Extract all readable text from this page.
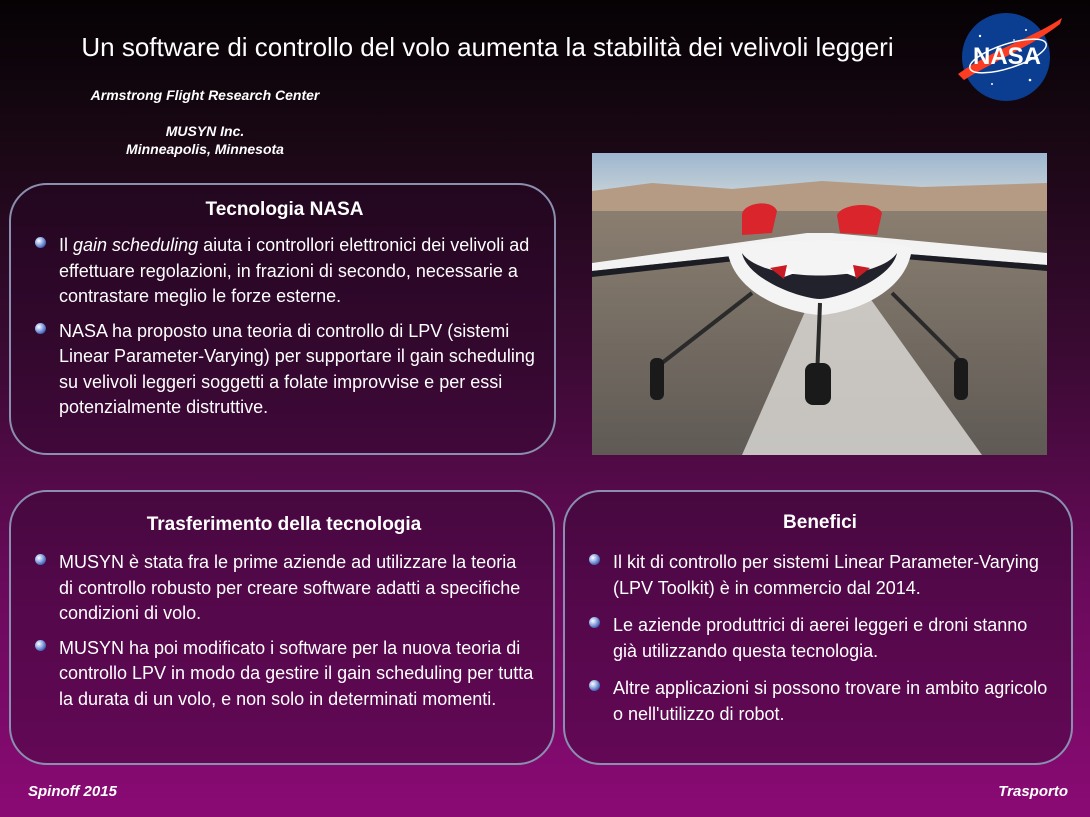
Un software di controllo del volo aumenta la stabilità dei velivoli leggeri
Armstrong Flight Research Center
MUSYN Inc.
Minneapolis, Minnesota
NASA
Tecnologia NASA
Il gain scheduling aiuta i controllori elettronici dei velivoli ad effettuare regolazioni, in frazioni di secondo, necessarie a contrastare meglio le forze esterne.
NASA ha proposto una teoria di controllo di LPV (sistemi Linear Parameter-Varying) per supportare il gain scheduling su velivoli leggeri soggetti a folate improvvise e per essi potenzialmente distruttive.
Trasferimento della tecnologia
MUSYN è stata fra le prime aziende ad utilizzare la teoria di controllo robusto per creare software adatti a specifiche condizioni di volo.
MUSYN ha poi modificato i software per la nuova teoria di controllo LPV in modo da gestire il gain scheduling per tutta la durata di un volo, e non solo in determinati momenti.
Benefici
Il kit di controllo per sistemi Linear Parameter-Varying (LPV Toolkit) è in commercio dal 2014.
Le aziende produttrici di aerei leggeri e droni stanno già utilizzando questa tecnologia.
Altre applicazioni si possono trovare in ambito agricolo o nell'utilizzo di robot.
Spinoff 2015	Trasporto
